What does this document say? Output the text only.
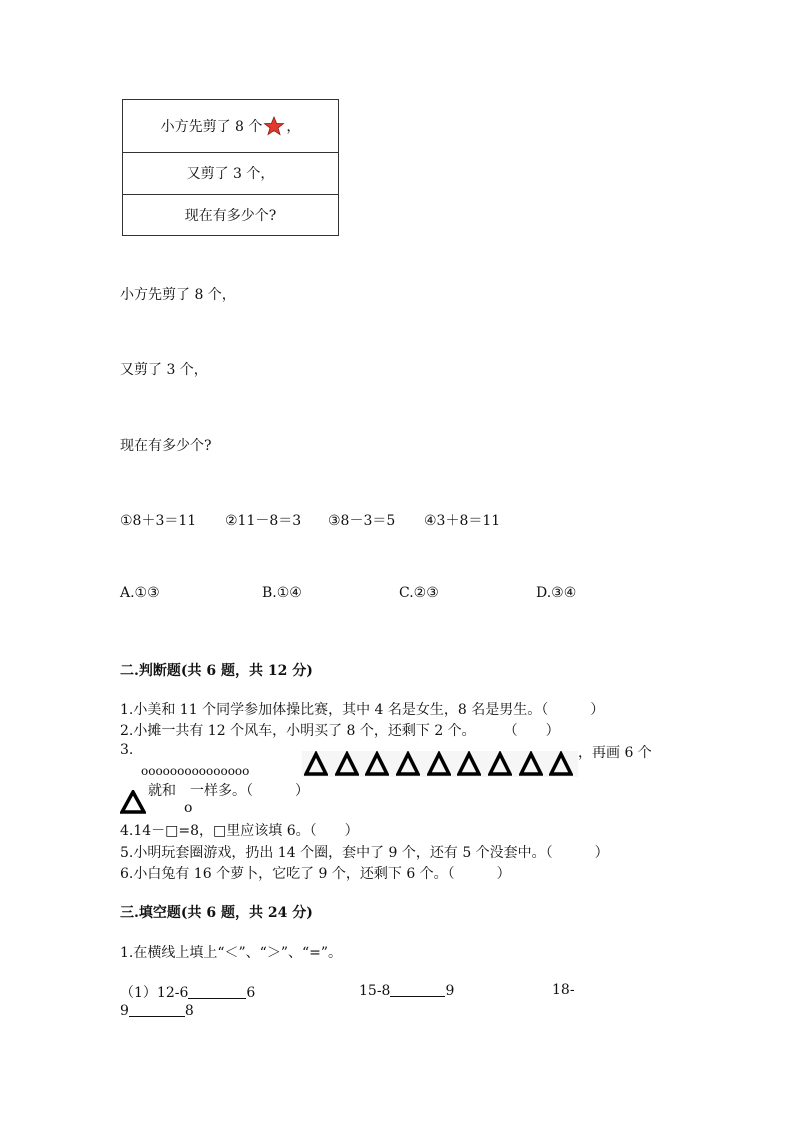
小方先剪了 8 个 ，
又剪了 3 个，
现在有多少个?
小方先剪了 8 个，
又剪了 3 个，
现在有多少个?
①8＋3＝11 ②11－8＝3 ③8－3＝5 ④3＋8＝11
A.①③	B.①④	C.②③	D.③④
二.判断题(共 6 题，共 12 分)
1.小美和 11 个同学参加体操比赛，其中 4 名是女生，8 名是男生。（　　　）
2.小摊一共有 12 个风车，小明买了 8 个，还剩下 2 个。　　　（　　）
3.
ooooooooooooooo
，再画 6 个
就和　一样多。（　　　）
o
4.14－□=8，□里应该填 6。（　　）
5.小明玩套圈游戏，扔出 14 个圈，套中了 9 个，还有 5 个没套中。（　　　）
6.小白兔有 16 个萝卜，它吃了 9 个，还剩下 6 个。（　　　）
三.填空题(共 6 题，共 24 分)
1.在横线上填上“＜”、“＞”、“=”。
（1）12-6	6	15-8	9	18-
9	8
